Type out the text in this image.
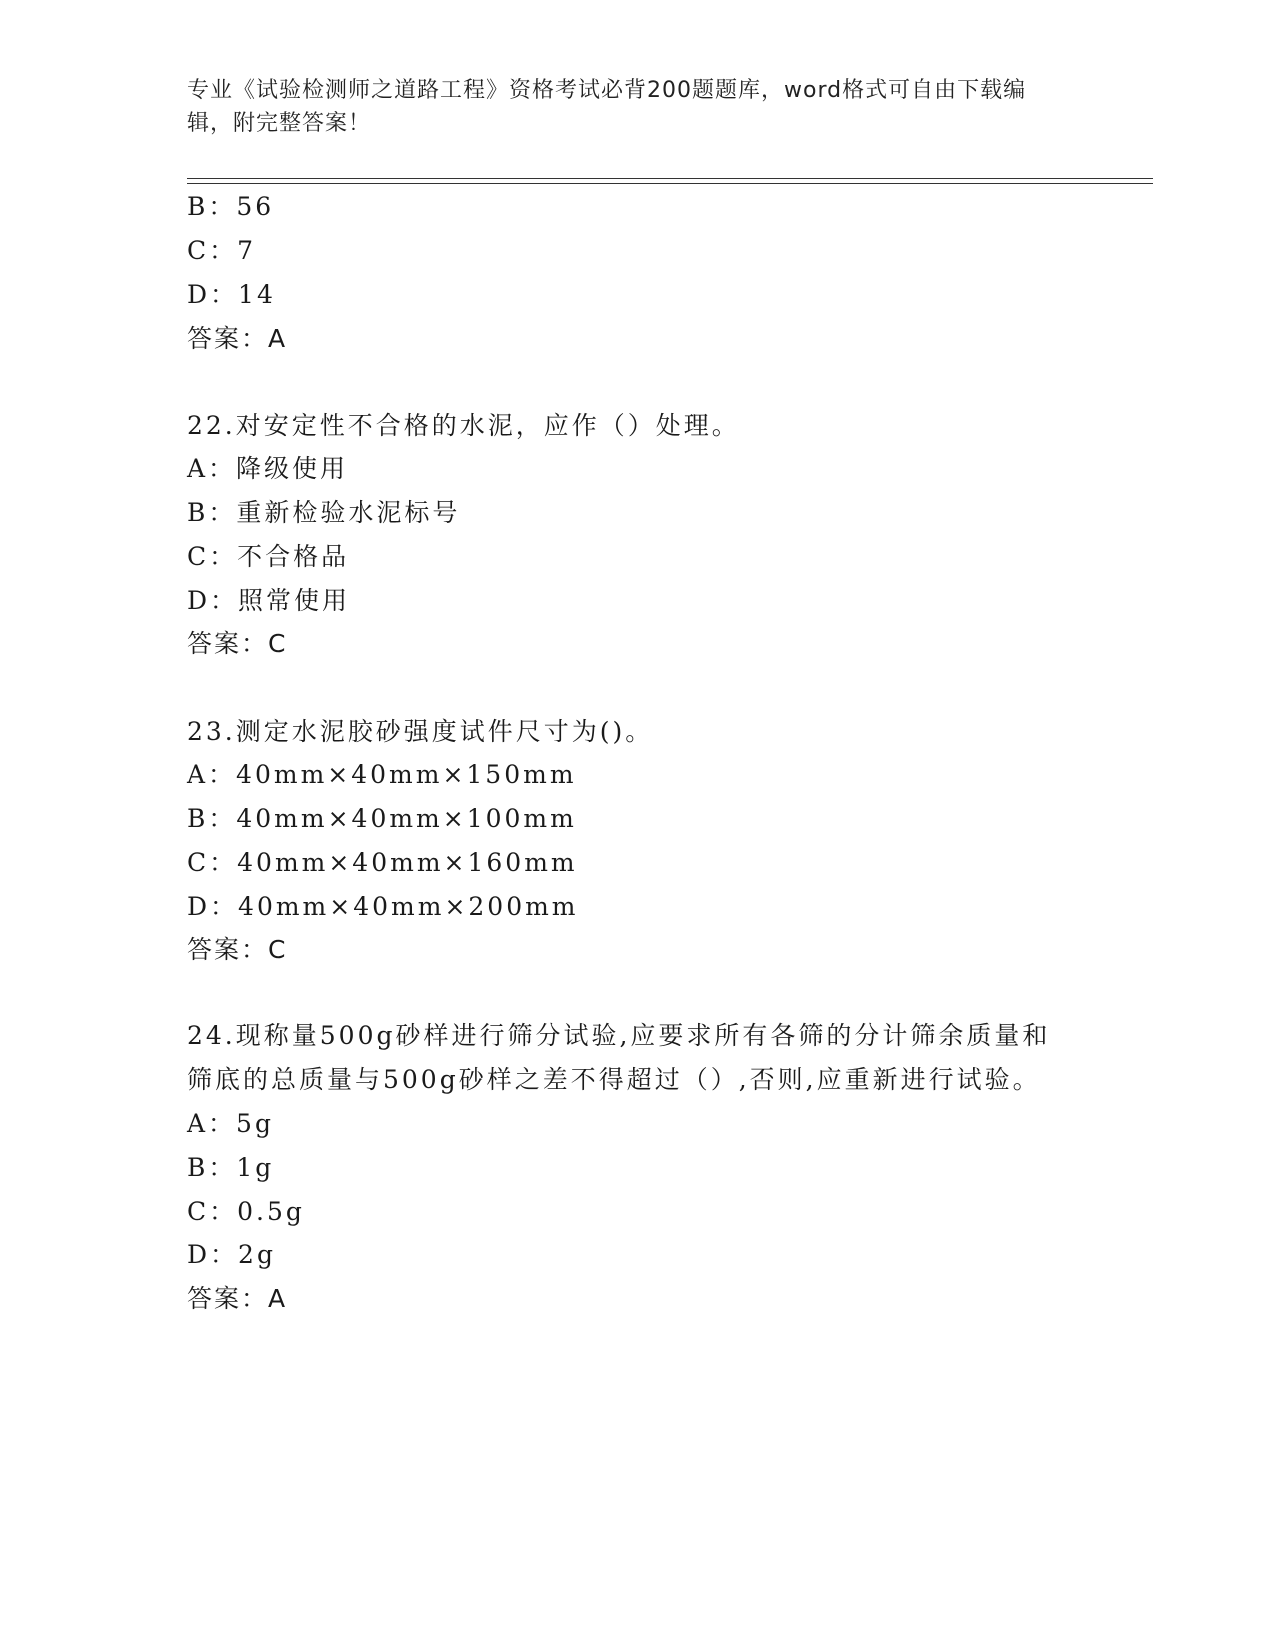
专业《试验检测师之道路工程》资格考试必背200题题库，word格式可自由下载编辑，附完整答案！
B：56
C：7
D：14
答案：A
22.对安定性不合格的水泥，应作（）处理。
A：降级使用
B：重新检验水泥标号
C：不合格品
D：照常使用
答案：C
23.测定水泥胶砂强度试件尺寸为()。
A：40mm×40mm×150mm
B：40mm×40mm×100mm
C：40mm×40mm×160mm
D：40mm×40mm×200mm
答案：C
24.现称量500g砂样进行筛分试验,应要求所有各筛的分计筛余质量和
筛底的总质量与500g砂样之差不得超过（）,否则,应重新进行试验。
A：5g
B：1g
C：0.5g
D：2g
答案：A
